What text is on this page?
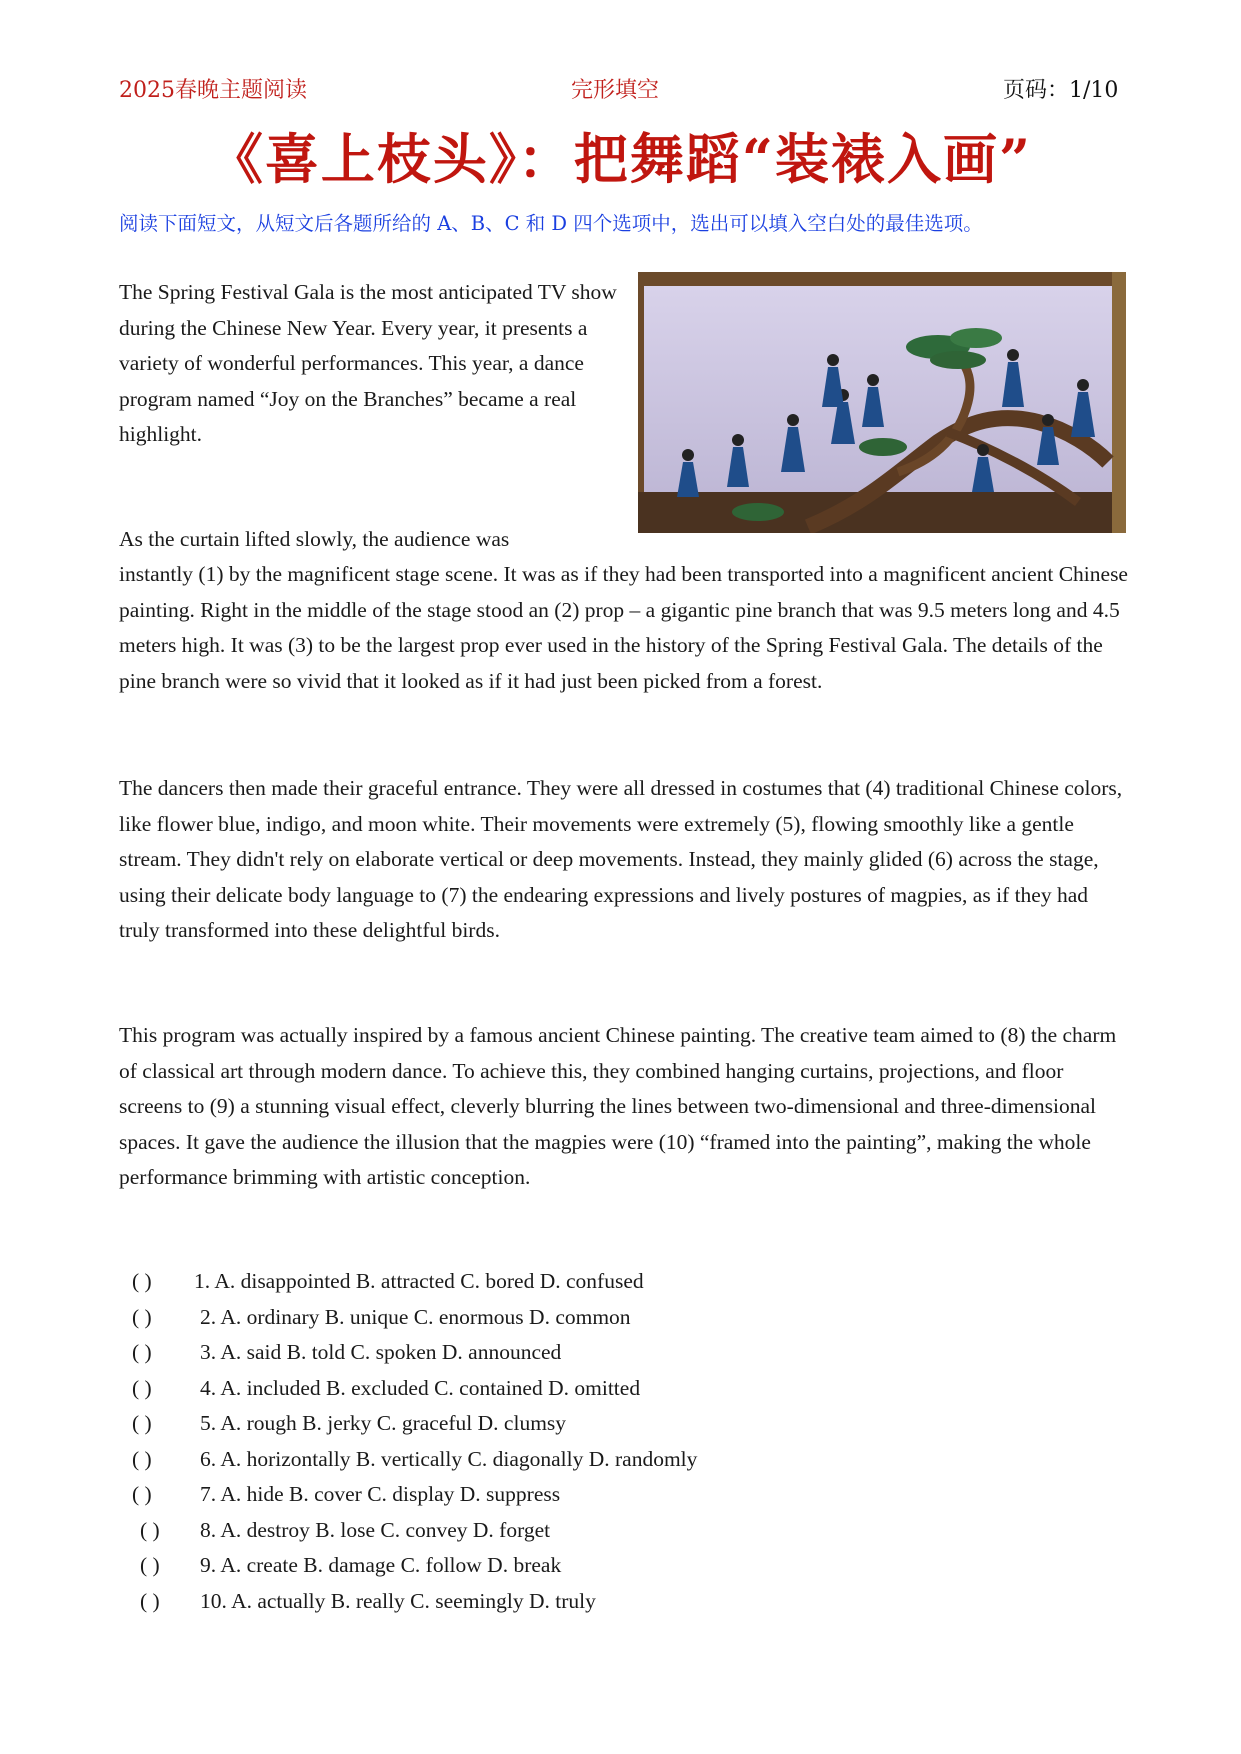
2025春晚主题阅读	完形填空	页码：1/10
《喜上枝头》：把舞蹈“装裱入画”
阅读下面短文，从短文后各题所给的 A、B、C 和 D 四个选项中，选出可以填入空白处的最佳选项。
The Spring Festival Gala is the most anticipated TV show during the Chinese New Year. Every year, it presents a variety of wonderful performances. This year, a dance program named “Joy on the Branches” became a real highlight.
As the curtain lifted slowly, the audience was
instantly (1) by the magnificent stage scene. It was as if they had been transported into a magnificent ancient Chinese painting. Right in the middle of the stage stood an (2) prop – a gigantic pine branch that was 9.5 meters long and 4.5 meters high. It was (3) to be the largest prop ever used in the history of the Spring Festival Gala. The details of the pine branch were so vivid that it looked as if it had just been picked from a forest.
The dancers then made their graceful entrance. They were all dressed in costumes that (4) traditional Chinese colors, like flower blue, indigo, and moon white. Their movements were extremely (5), flowing smoothly like a gentle stream. They didn't rely on elaborate vertical or deep movements. Instead, they mainly glided (6) across the stage, using their delicate body language to (7) the endearing expressions and lively postures of magpies, as if they had truly transformed into these delightful birds.
This program was actually inspired by a famous ancient Chinese painting. The creative team aimed to (8) the charm of classical art through modern dance. To achieve this, they combined hanging curtains, projections, and floor screens to (9) a stunning visual effect, cleverly blurring the lines between two-dimensional and three-dimensional spaces. It gave the audience the illusion that the magpies were (10) “framed into the painting”, making the whole performance brimming with artistic conception.
( ) 1. A. disappointed B. attracted C. bored D. confused
( ) 2. A. ordinary B. unique C. enormous D. common
( ) 3. A. said B. told C. spoken D. announced
( ) 4. A. included B. excluded C. contained D. omitted
( ) 5. A. rough B. jerky C. graceful D. clumsy
( ) 6. A. horizontally B. vertically C. diagonally D. randomly
( ) 7. A. hide B. cover C. display D. suppress
( ) 8. A. destroy B. lose C. convey D. forget
( ) 9. A. create B. damage C. follow D. break
( ) 10. A. actually B. really C. seemingly D. truly
